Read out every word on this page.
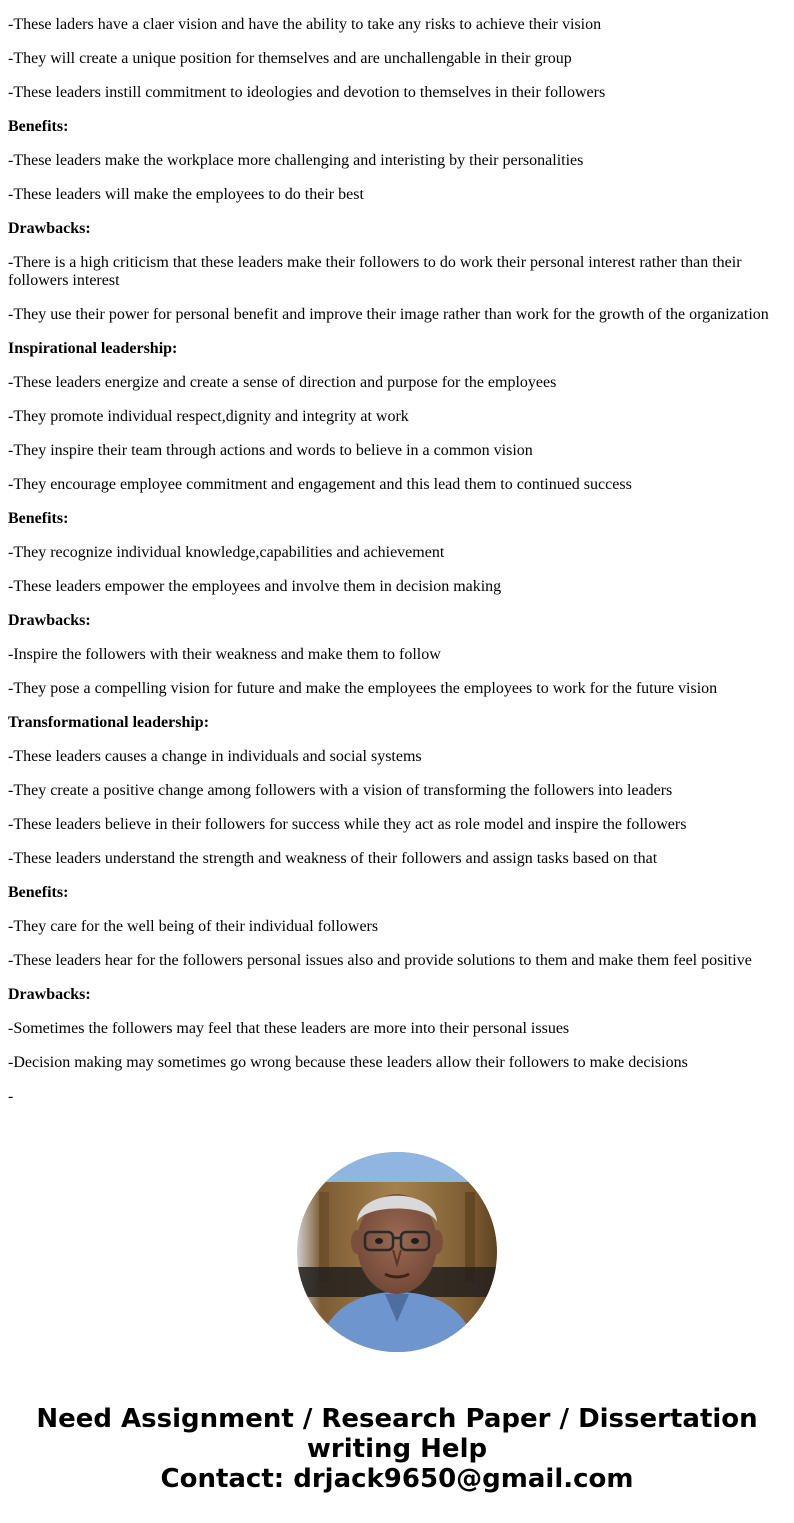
-These laders have a claer vision and have the ability to take any risks to achieve their vision

-They will create a unique position for themselves and are unchallengable in their group

-These leaders instill commitment to ideologies and devotion to themselves in their followers

Benefits:

-These leaders make the workplace more challenging and interisting by their personalities

-These leaders will make the employees to do their best

Drawbacks:

-There is a high criticism that these leaders make their followers to do work their personal interest rather than their followers interest

-They use their power for personal benefit and improve their image rather than work for the growth of the organization

Inspirational leadership:

-These leaders energize and create a sense of direction and purpose for the employees

-They promote individual respect,dignity and integrity at work

-They inspire their team through actions and words to believe in a common vision

-They encourage employee commitment and engagement and this lead them to continued success

Benefits:

-They recognize individual knowledge,capabilities and achievement

-These leaders empower the employees and involve them in decision making

Drawbacks:

-Inspire the followers with their weakness and make them to follow

-They pose a compelling vision for future and make the employees the employees to work for the future vision

Transformational leadership:

-These leaders causes a change in individuals and social systems

-They create a positive change among followers with a vision of transforming the followers into leaders

-These leaders believe in their followers for success while they act as role model and inspire the followers

-These leaders understand the strength and weakness of their followers and assign tasks based on that

Benefits:

-They care for the well being of their individual followers

-These leaders hear for the followers personal issues also and provide solutions to them and make them feel positive

Drawbacks:

-Sometimes the followers may feel that these leaders are more into their personal issues

-Decision making may sometimes go wrong because these leaders allow their followers to make decisions

-

Need Assignment / Research Paper / Dissertation writing Help
Contact: drjack9650@gmail.com
